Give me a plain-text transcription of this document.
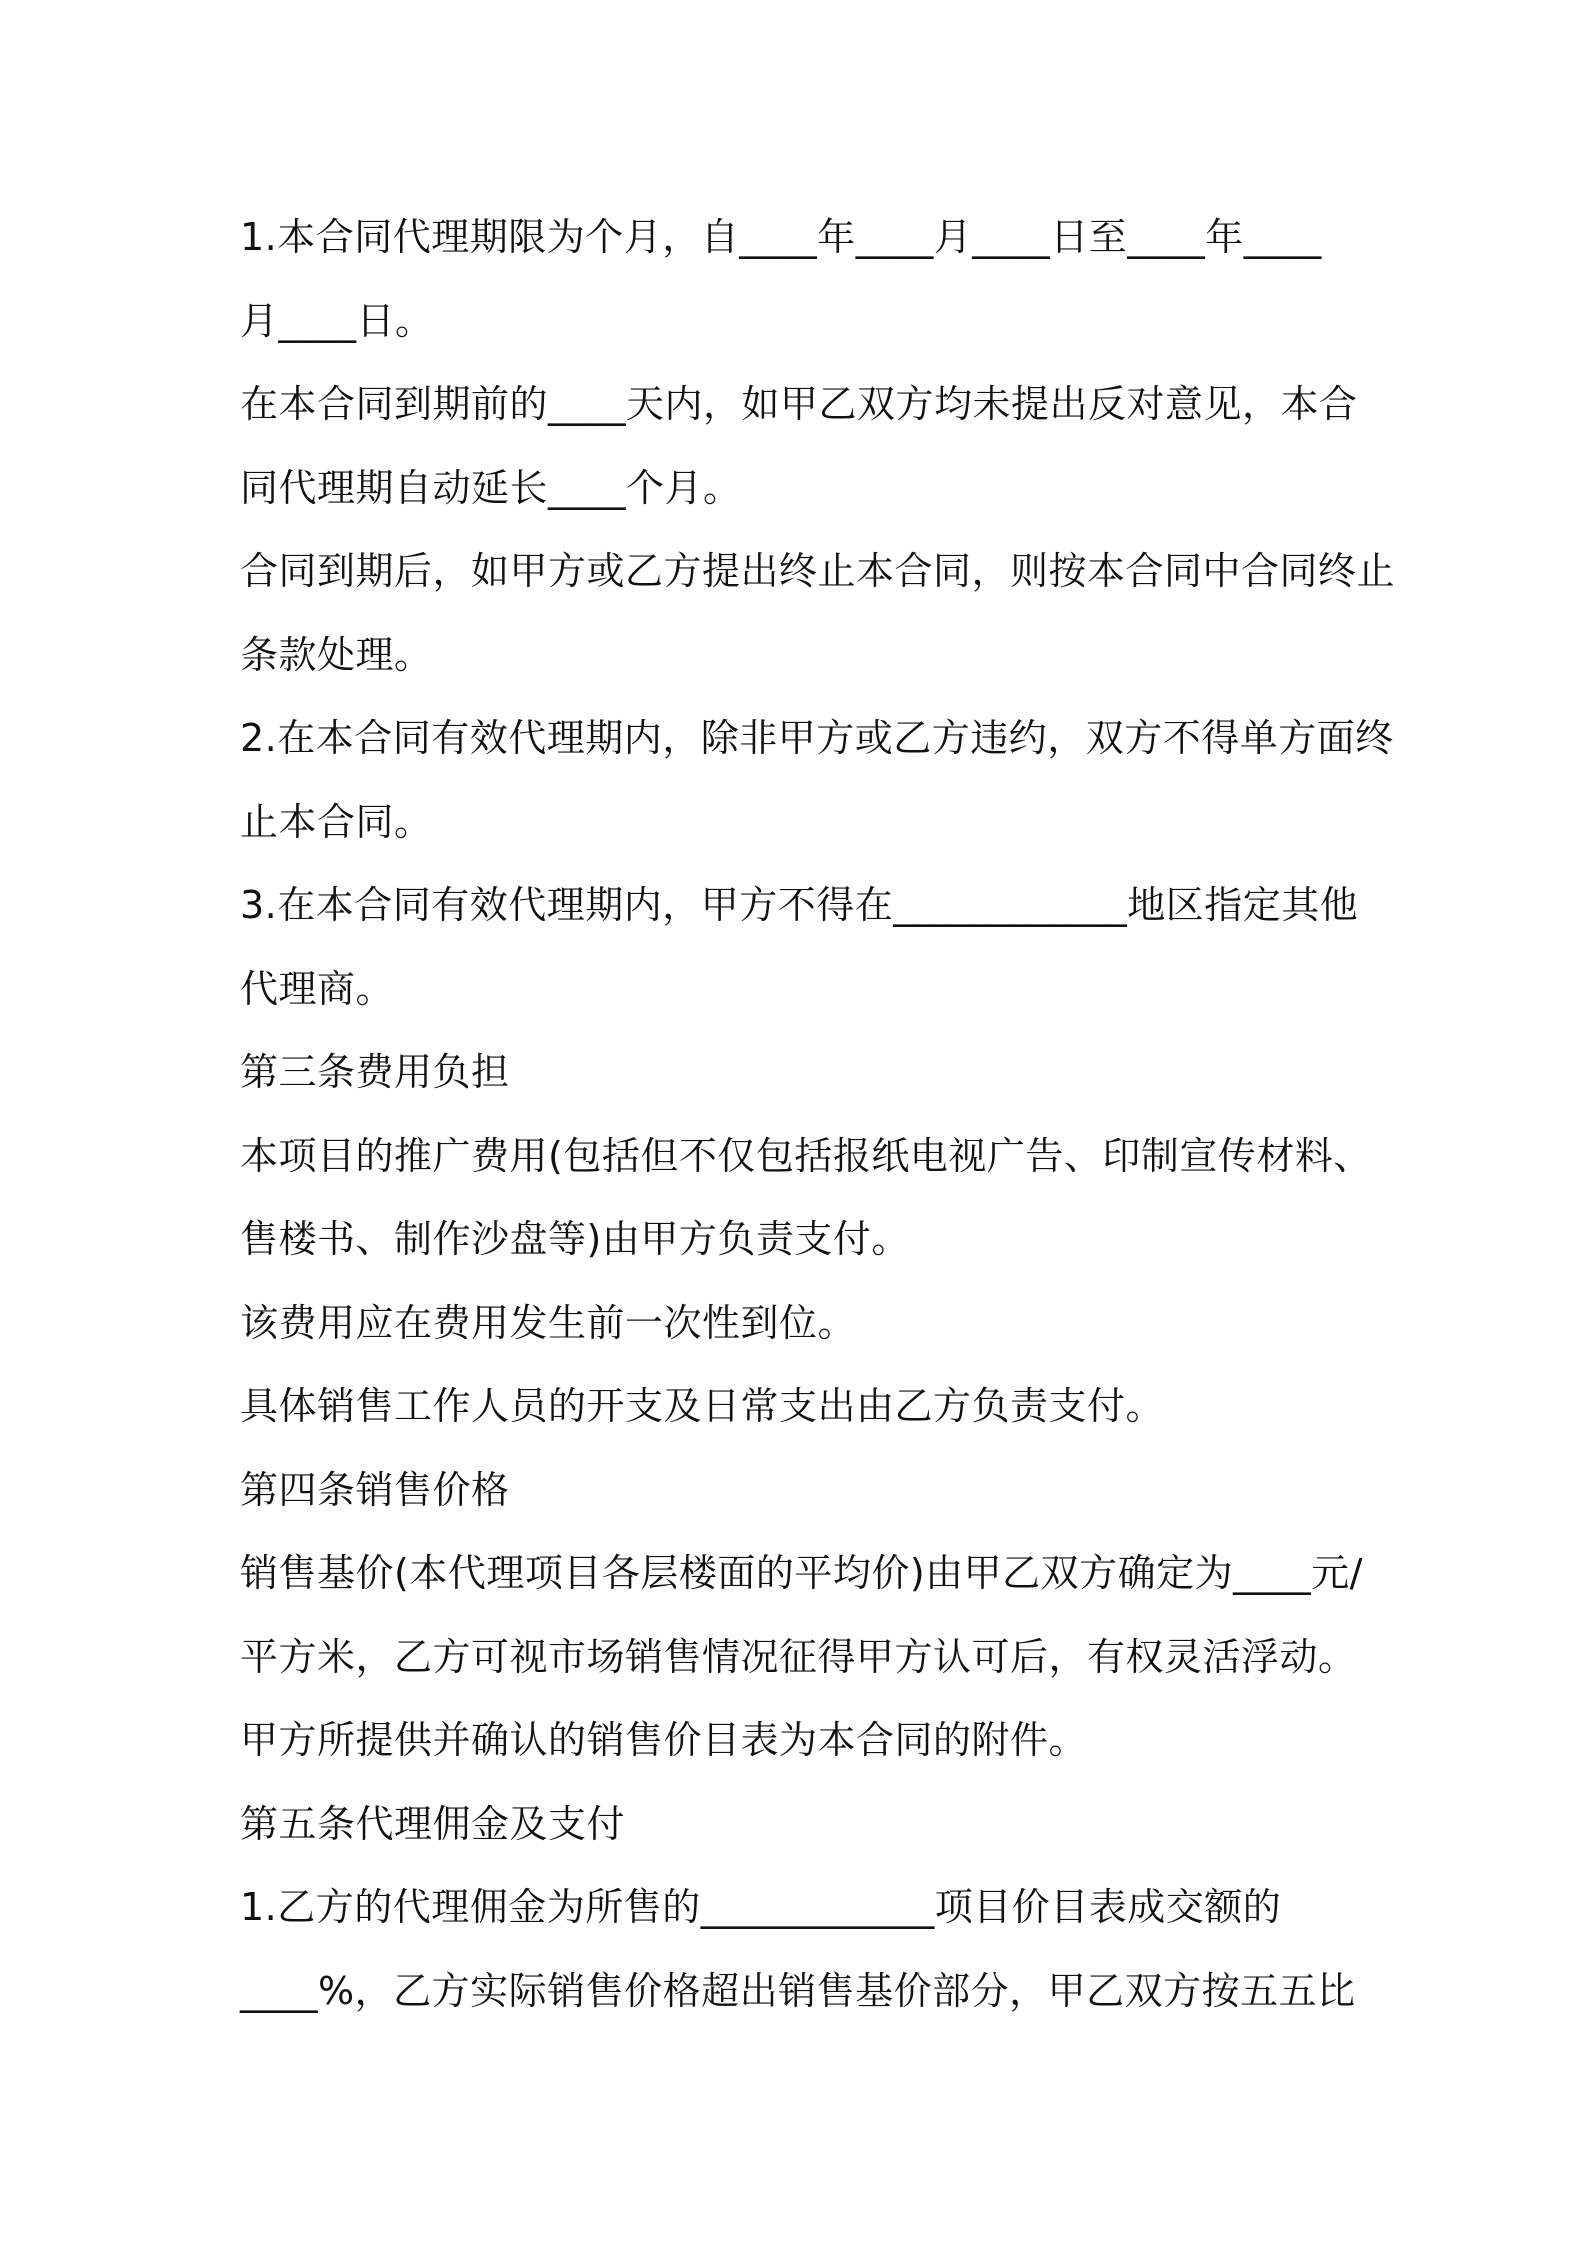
1.本合同代理期限为个月，自____年____月____日至____年____
月____日。
在本合同到期前的____天内，如甲乙双方均未提出反对意见，本合
同代理期自动延长____个月。
合同到期后，如甲方或乙方提出终止本合同，则按本合同中合同终止
条款处理。
2.在本合同有效代理期内，除非甲方或乙方违约，双方不得单方面终
止本合同。
3.在本合同有效代理期内，甲方不得在____________地区指定其他
代理商。
第三条费用负担
本项目的推广费用(包括但不仅包括报纸电视广告、印制宣传材料、
售楼书、制作沙盘等)由甲方负责支付。
该费用应在费用发生前一次性到位。
具体销售工作人员的开支及日常支出由乙方负责支付。
第四条销售价格
销售基价(本代理项目各层楼面的平均价)由甲乙双方确定为____元/
平方米，乙方可视市场销售情况征得甲方认可后，有权灵活浮动。
甲方所提供并确认的销售价目表为本合同的附件。
第五条代理佣金及支付
1.乙方的代理佣金为所售的____________项目价目表成交额的
____%，乙方实际销售价格超出销售基价部分，甲乙双方按五五比
